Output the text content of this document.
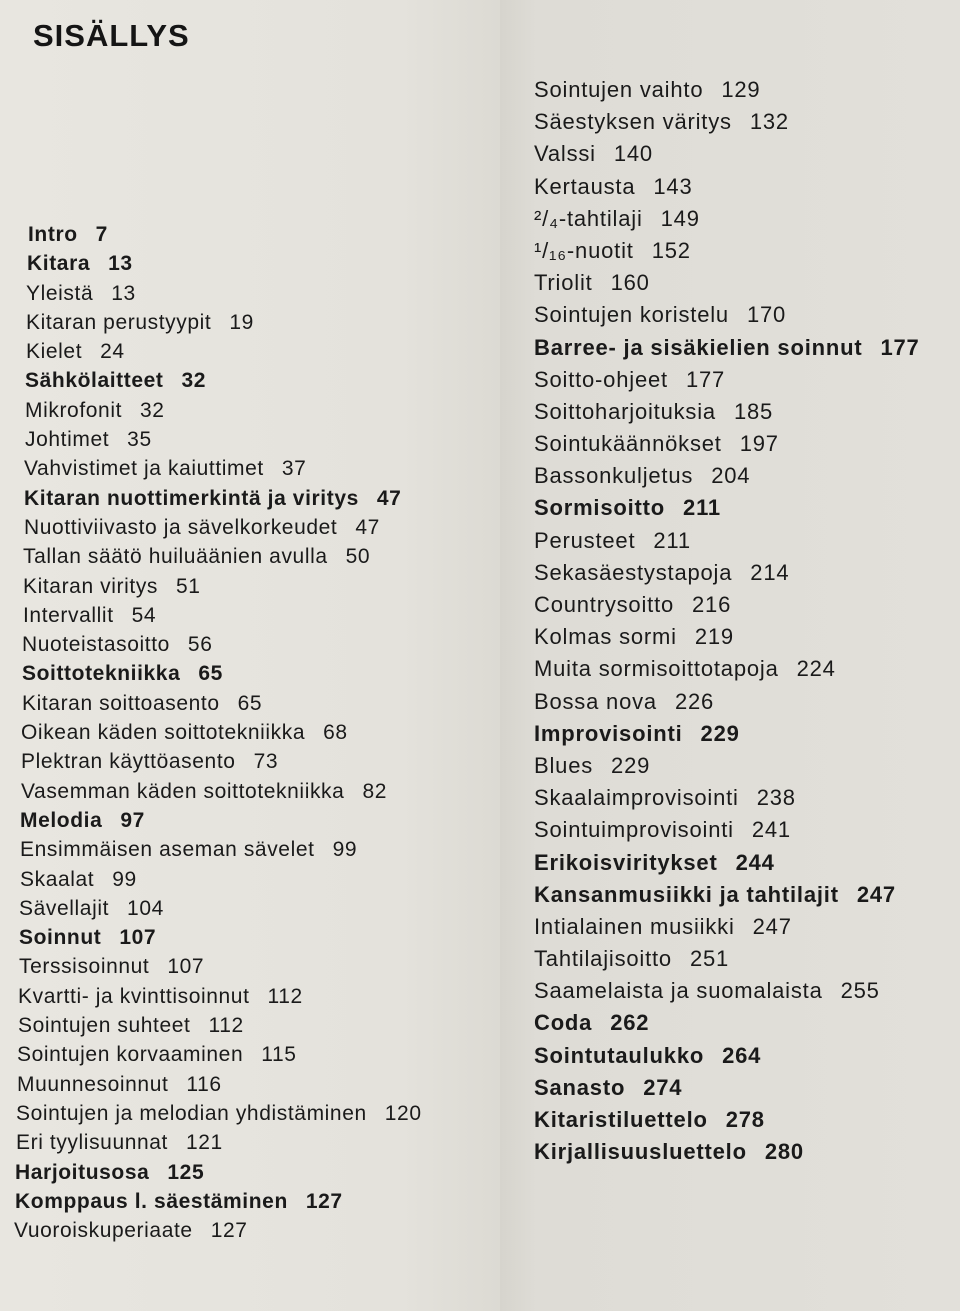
SISÄLLYS
Intro 7
Kitara 13
Yleistä 13
Kitaran perustyypit 19
Kielet 24
Sähkölaitteet 32
Mikrofonit 32
Johtimet 35
Vahvistimet ja kaiuttimet 37
Kitaran nuottimerkintä ja viritys 47
Nuottiviivasto ja sävelkorkeudet 47
Tallan säätö huiluäänien avulla 50
Kitaran viritys 51
Intervallit 54
Nuoteistasoitto 56
Soittotekniikka 65
Kitaran soittoasento 65
Oikean käden soittotekniikka 68
Plektran käyttöasento 73
Vasemman käden soittotekniikka 82
Melodia 97
Ensimmäisen aseman sävelet 99
Skaalat 99
Sävellajit 104
Soinnut 107
Terssisoinnut 107
Kvartti- ja kvinttisoinnut 112
Sointujen suhteet 112
Sointujen korvaaminen 115
Muunnesoinnut 116
Sointujen ja melodian yhdistäminen 120
Eri tyylisuunnat 121
Harjoitusosa 125
Komppaus l. säestäminen 127
Vuoroiskuperiaate 127
Sointujen vaihto 129
Säestyksen väritys 132
Valssi 140
Kertausta 143
²/₄-tahtilaji 149
¹/₁₆-nuotit 152
Triolit 160
Sointujen koristelu 170
Barree- ja sisäkielien soinnut 177
Soitto-ohjeet 177
Soittoharjoituksia 185
Sointukäännökset 197
Bassonkuljetus 204
Sormisoitto 211
Perusteet 211
Sekasäestystapoja 214
Countrysoitto 216
Kolmas sormi 219
Muita sormisoittotapoja 224
Bossa nova 226
Improvisointi 229
Blues 229
Skaalaimprovisointi 238
Sointuimprovisointi 241
Erikoisviritykset 244
Kansanmusiikki ja tahtilajit 247
Intialainen musiikki 247
Tahtilajisoitto 251
Saamelaista ja suomalaista 255
Coda 262
Sointutaulukko 264
Sanasto 274
Kitaristiluettelo 278
Kirjallisuusluettelo 280
